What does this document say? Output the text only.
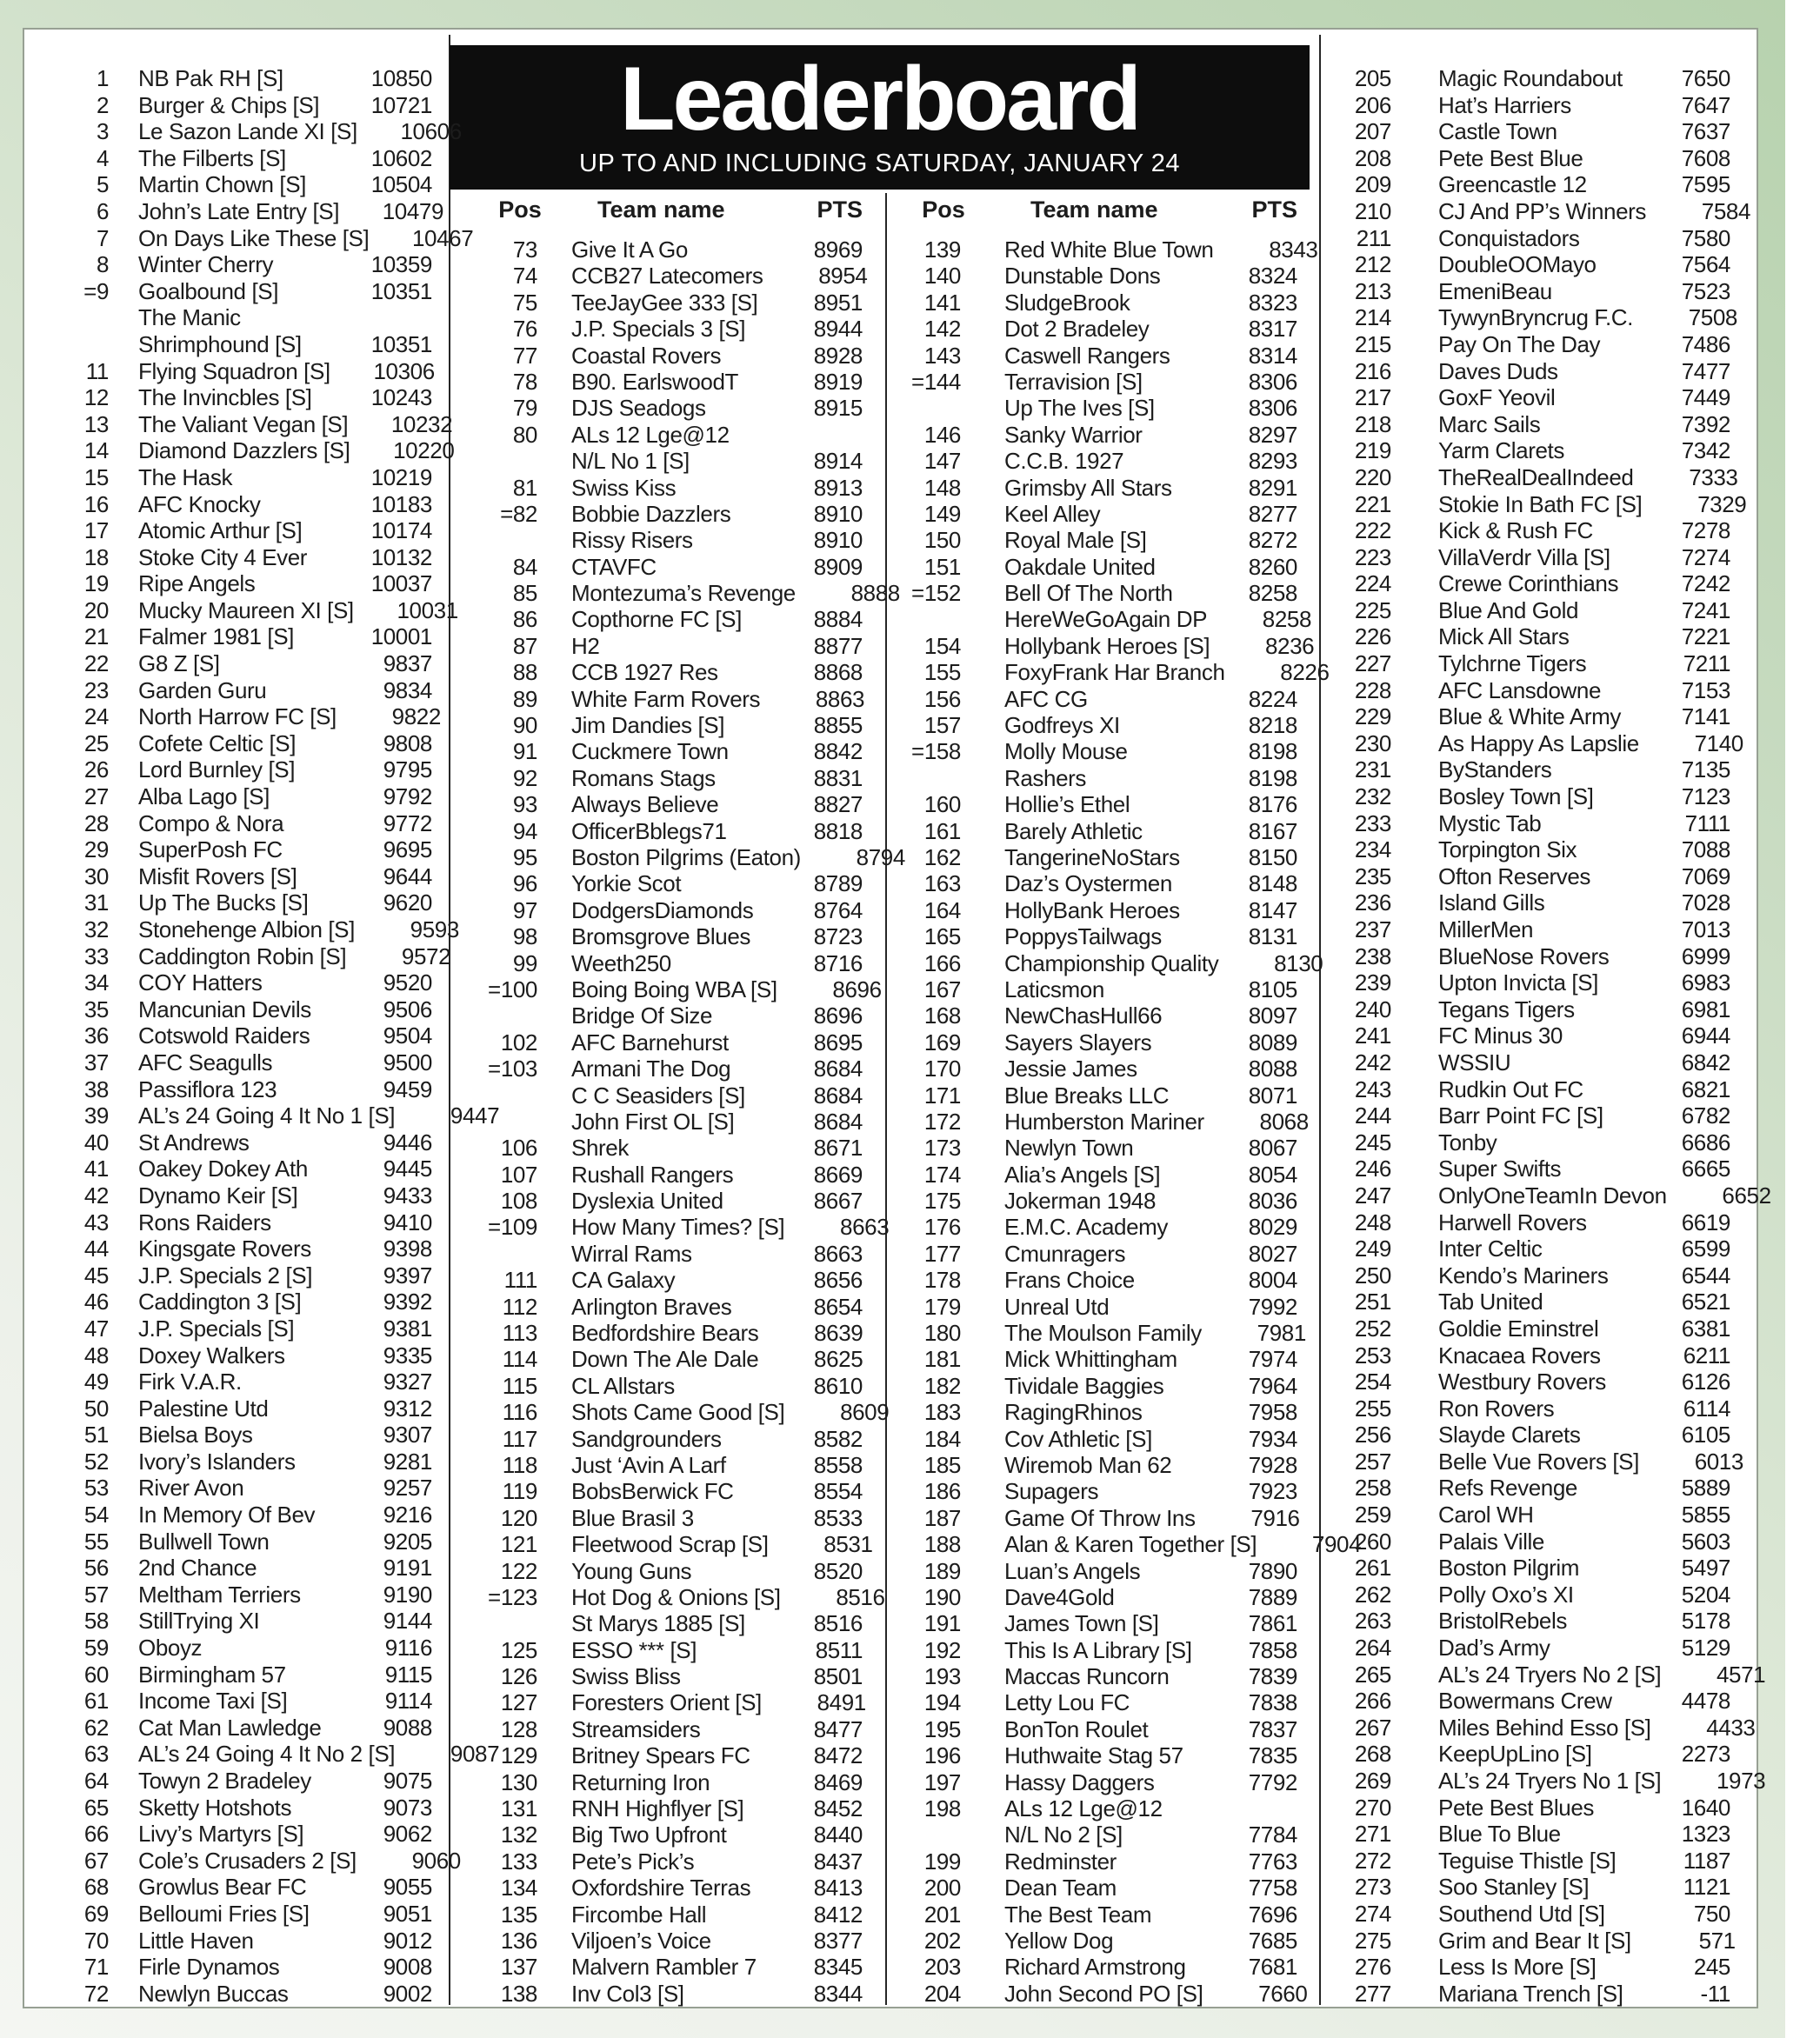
Leaderboard
UP TO AND INCLUDING SATURDAY, JANUARY 24
Pos	Team name	PTS	Pos	Team name	PTS
1	NB Pak RH [S]	10850
2	Burger & Chips [S]	10721
3	Le Sazon Lande XI [S]	10606
4	The Filberts [S]	10602
5	Martin Chown [S]	10504
6	John’s Late Entry [S]	10479
7	On Days Like These [S]	10467
8	Winter Cherry	10359
=9	Goalbound [S]	10351
The Manic
Shrimphound [S]	10351
11	Flying Squadron [S]	10306
12	The Invincbles [S]	10243
13	The Valiant Vegan [S]	10232
14	Diamond Dazzlers [S]	10220
15	The Hask	10219
16	AFC Knocky	10183
17	Atomic Arthur [S]	10174
18	Stoke City 4 Ever	10132
19	Ripe Angels	10037
20	Mucky Maureen XI [S]	10031
21	Falmer 1981 [S]	10001
22	G8 Z [S]	9837
23	Garden Guru	9834
24	North Harrow FC [S]	9822
25	Cofete Celtic [S]	9808
26	Lord Burnley [S]	9795
27	Alba Lago [S]	9792
28	Compo & Nora	9772
29	SuperPosh FC	9695
30	Misfit Rovers [S]	9644
31	Up The Bucks [S]	9620
32	Stonehenge Albion [S]	9593
33	Caddington Robin [S]	9572
34	COY Hatters	9520
35	Mancunian Devils	9506
36	Cotswold Raiders	9504
37	AFC Seagulls	9500
38	Passiflora 123	9459
39	AL’s 24 Going 4 It No 1 [S]	9447
40	St Andrews	9446
41	Oakey Dokey Ath	9445
42	Dynamo Keir [S]	9433
43	Rons Raiders	9410
44	Kingsgate Rovers	9398
45	J.P. Specials 2 [S]	9397
46	Caddington 3 [S]	9392
47	J.P. Specials [S]	9381
48	Doxey Walkers	9335
49	Firk V.A.R.	9327
50	Palestine Utd	9312
51	Bielsa Boys	9307
52	Ivory’s Islanders	9281
53	River Avon	9257
54	In Memory Of Bev	9216
55	Bullwell Town	9205
56	2nd Chance	9191
57	Meltham Terriers	9190
58	StillTrying XI	9144
59	Oboyz	9116
60	Birmingham 57	9115
61	Income Taxi [S]	9114
62	Cat Man Lawledge	9088
63	AL’s 24 Going 4 It No 2 [S]	9087
64	Towyn 2 Bradeley	9075
65	Sketty Hotshots	9073
66	Livy’s Martyrs [S]	9062
67	Cole’s Crusaders 2 [S]	9060
68	Growlus Bear FC	9055
69	Belloumi Fries [S]	9051
70	Little Haven	9012
71	Firle Dynamos	9008
72	Newlyn Buccas	9002
73	Give It A Go	8969
74	CCB27 Latecomers	8954
75	TeeJayGee 333 [S]	8951
76	J.P. Specials 3 [S]	8944
77	Coastal Rovers	8928
78	B90. EarlswoodT	8919
79	DJS Seadogs	8915
80	ALs 12 Lge@12
N/L No 1 [S]	8914
81	Swiss Kiss	8913
=82	Bobbie Dazzlers	8910
Rissy Risers	8910
84	CTAVFC	8909
85	Montezuma’s Revenge	8888
86	Copthorne FC [S]	8884
87	H2	8877
88	CCB 1927 Res	8868
89	White Farm Rovers	8863
90	Jim Dandies [S]	8855
91	Cuckmere Town	8842
92	Romans Stags	8831
93	Always Believe	8827
94	OfficerBblegs71	8818
95	Boston Pilgrims (Eaton)	8794
96	Yorkie Scot	8789
97	DodgersDiamonds	8764
98	Bromsgrove Blues	8723
99	Weeth250	8716
=100	Boing Boing WBA [S]	8696
Bridge Of Size	8696
102	AFC Barnehurst	8695
=103	Armani The Dog	8684
C C Seasiders [S]	8684
John First OL [S]	8684
106	Shrek	8671
107	Rushall Rangers	8669
108	Dyslexia United	8667
=109	How Many Times? [S]	8663
Wirral Rams	8663
111	CA Galaxy	8656
112	Arlington Braves	8654
113	Bedfordshire Bears	8639
114	Down The Ale Dale	8625
115	CL Allstars	8610
116	Shots Came Good [S]	8609
117	Sandgrounders	8582
118	Just ‘Avin A Larf	8558
119	BobsBerwick FC	8554
120	Blue Brasil 3	8533
121	Fleetwood Scrap [S]	8531
122	Young Guns	8520
=123	Hot Dog & Onions [S]	8516
St Marys 1885 [S]	8516
125	ESSO *** [S]	8511
126	Swiss Bliss	8501
127	Foresters Orient [S]	8491
128	Streamsiders	8477
129	Britney Spears FC	8472
130	Returning Iron	8469
131	RNH Highflyer [S]	8452
132	Big Two Upfront	8440
133	Pete’s Pick’s	8437
134	Oxfordshire Terras	8413
135	Fircombe Hall	8412
136	Viljoen’s Voice	8377
137	Malvern Rambler 7	8345
138	Inv Col3 [S]	8344
139	Red White Blue Town	8343
140	Dunstable Dons	8324
141	SludgeBrook	8323
142	Dot 2 Bradeley	8317
143	Caswell Rangers	8314
=144	Terravision [S]	8306
Up The Ives [S]	8306
146	Sanky Warrior	8297
147	C.C.B. 1927	8293
148	Grimsby All Stars	8291
149	Keel Alley	8277
150	Royal Male [S]	8272
151	Oakdale United	8260
=152	Bell Of The North	8258
HereWeGoAgain DP	8258
154	Hollybank Heroes [S]	8236
155	FoxyFrank Har Branch	8226
156	AFC CG	8224
157	Godfreys XI	8218
=158	Molly Mouse	8198
Rashers	8198
160	Hollie’s Ethel	8176
161	Barely Athletic	8167
162	TangerineNoStars	8150
163	Daz’s Oystermen	8148
164	HollyBank Heroes	8147
165	PoppysTailwags	8131
166	Championship Quality	8130
167	Laticsmon	8105
168	NewChasHull66	8097
169	Sayers Slayers	8089
170	Jessie James	8088
171	Blue Breaks LLC	8071
172	Humberston Mariner	8068
173	Newlyn Town	8067
174	Alia’s Angels [S]	8054
175	Jokerman 1948	8036
176	E.M.C. Academy	8029
177	Cmunragers	8027
178	Frans Choice	8004
179	Unreal Utd	7992
180	The Moulson Family	7981
181	Mick Whittingham	7974
182	Tividale Baggies	7964
183	RagingRhinos	7958
184	Cov Athletic [S]	7934
185	Wiremob Man 62	7928
186	Supagers	7923
187	Game Of Throw Ins	7916
188	Alan & Karen Together [S]	7904
189	Luan’s Angels	7890
190	Dave4Gold	7889
191	James Town [S]	7861
192	This Is A Library [S]	7858
193	Maccas Runcorn	7839
194	Letty Lou FC	7838
195	BonTon Roulet	7837
196	Huthwaite Stag 57	7835
197	Hassy Daggers	7792
198	ALs 12 Lge@12
N/L No 2 [S]	7784
199	Redminster	7763
200	Dean Team	7758
201	The Best Team	7696
202	Yellow Dog	7685
203	Richard Armstrong	7681
204	John Second PO [S]	7660
205	Magic Roundabout	7650
206	Hat’s Harriers	7647
207	Castle Town	7637
208	Pete Best Blue	7608
209	Greencastle 12	7595
210	CJ And PP’s Winners	7584
211	Conquistadors	7580
212	DoubleOOMayo	7564
213	EmeniBeau	7523
214	TywynBryncrug F.C.	7508
215	Pay On The Day	7486
216	Daves Duds	7477
217	GoxF Yeovil	7449
218	Marc Sails	7392
219	Yarm Clarets	7342
220	TheRealDealIndeed	7333
221	Stokie In Bath FC [S]	7329
222	Kick & Rush FC	7278
223	VillaVerdr Villa [S]	7274
224	Crewe Corinthians	7242
225	Blue And Gold	7241
226	Mick All Stars	7221
227	Tylchrne Tigers	7211
228	AFC Lansdowne	7153
229	Blue & White Army	7141
230	As Happy As Lapslie	7140
231	ByStanders	7135
232	Bosley Town [S]	7123
233	Mystic Tab	7111
234	Torpington Six	7088
235	Ofton Reserves	7069
236	Island Gills	7028
237	MillerMen	7013
238	BlueNose Rovers	6999
239	Upton Invicta [S]	6983
240	Tegans Tigers	6981
241	FC Minus 30	6944
242	WSSIU	6842
243	Rudkin Out FC	6821
244	Barr Point FC [S]	6782
245	Tonby	6686
246	Super Swifts	6665
247	OnlyOneTeamIn Devon	6652
248	Harwell Rovers	6619
249	Inter Celtic	6599
250	Kendo’s Mariners	6544
251	Tab United	6521
252	Goldie Eminstrel	6381
253	Knacaea Rovers	6211
254	Westbury Rovers	6126
255	Ron Rovers	6114
256	Slayde Clarets	6105
257	Belle Vue Rovers [S]	6013
258	Refs Revenge	5889
259	Carol WH	5855
260	Palais Ville	5603
261	Boston Pilgrim	5497
262	Polly Oxo’s XI	5204
263	BristolRebels	5178
264	Dad’s Army	5129
265	AL’s 24 Tryers No 2 [S]	4571
266	Bowermans Crew	4478
267	Miles Behind Esso [S]	4433
268	KeepUpLino [S]	2273
269	AL’s 24 Tryers No 1 [S]	1973
270	Pete Best Blues	1640
271	Blue To Blue	1323
272	Teguise Thistle [S]	1187
273	Soo Stanley [S]	1121
274	Southend Utd [S]	750
275	Grim and Bear It [S]	571
276	Less Is More [S]	245
277	Mariana Trench [S]	-11
